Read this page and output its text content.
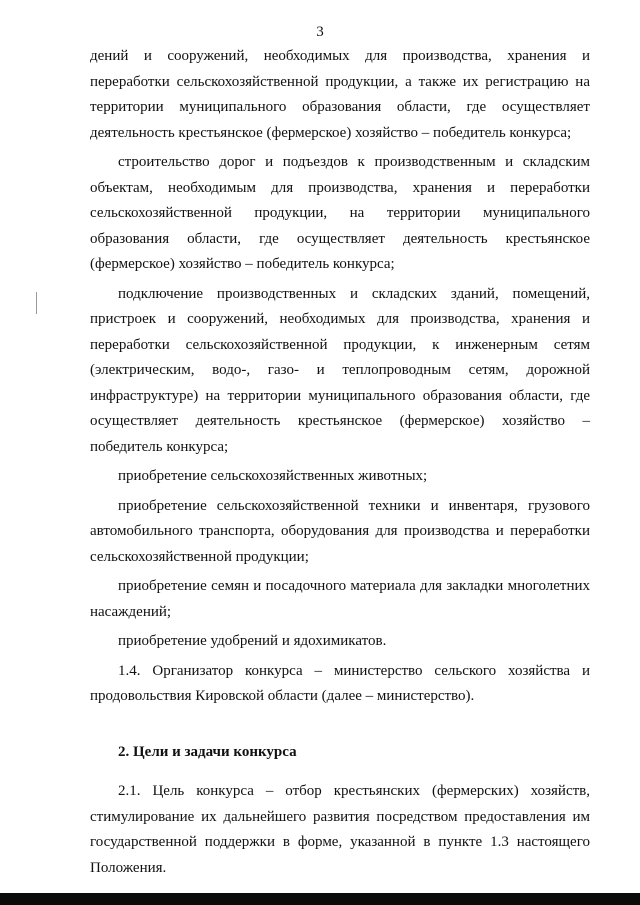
3

дений и сооружений, необходимых для производства, хранения и переработки сельскохозяйственной продукции, а также их регистрацию на территории муниципального образования области, где осуществляет деятельность крестьянское (фермерское) хозяйство – победитель конкурса;

строительство дорог и подъездов к производственным и складским объектам, необходимым для производства, хранения и переработки сельскохозяйственной продукции, на территории муниципального образования области, где осуществляет деятельность крестьянское (фермерское) хозяйство – победитель конкурса;

подключение производственных и складских зданий, помещений, пристроек и сооружений, необходимых для производства, хранения и переработки сельскохозяйственной продукции, к инженерным сетям (электрическим, водо-, газо- и теплопроводным сетям, дорожной инфраструктуре) на территории муниципального образования области, где осуществляет деятельность крестьянское (фермерское) хозяйство – победитель конкурса;

приобретение сельскохозяйственных животных;

приобретение сельскохозяйственной техники и инвентаря, грузового автомобильного транспорта, оборудования для производства и переработки сельскохозяйственной продукции;

приобретение семян и посадочного материала для закладки многолетних насаждений;

приобретение удобрений и ядохимикатов.

1.4. Организатор конкурса – министерство сельского хозяйства и продовольствия Кировской области (далее – министерство).

2. Цели и задачи конкурса

2.1. Цель конкурса – отбор крестьянских (фермерских) хозяйств, стимулирование их дальнейшего развития посредством предоставления им государственной поддержки в форме, указанной в пункте 1.3 настоящего Положения.
